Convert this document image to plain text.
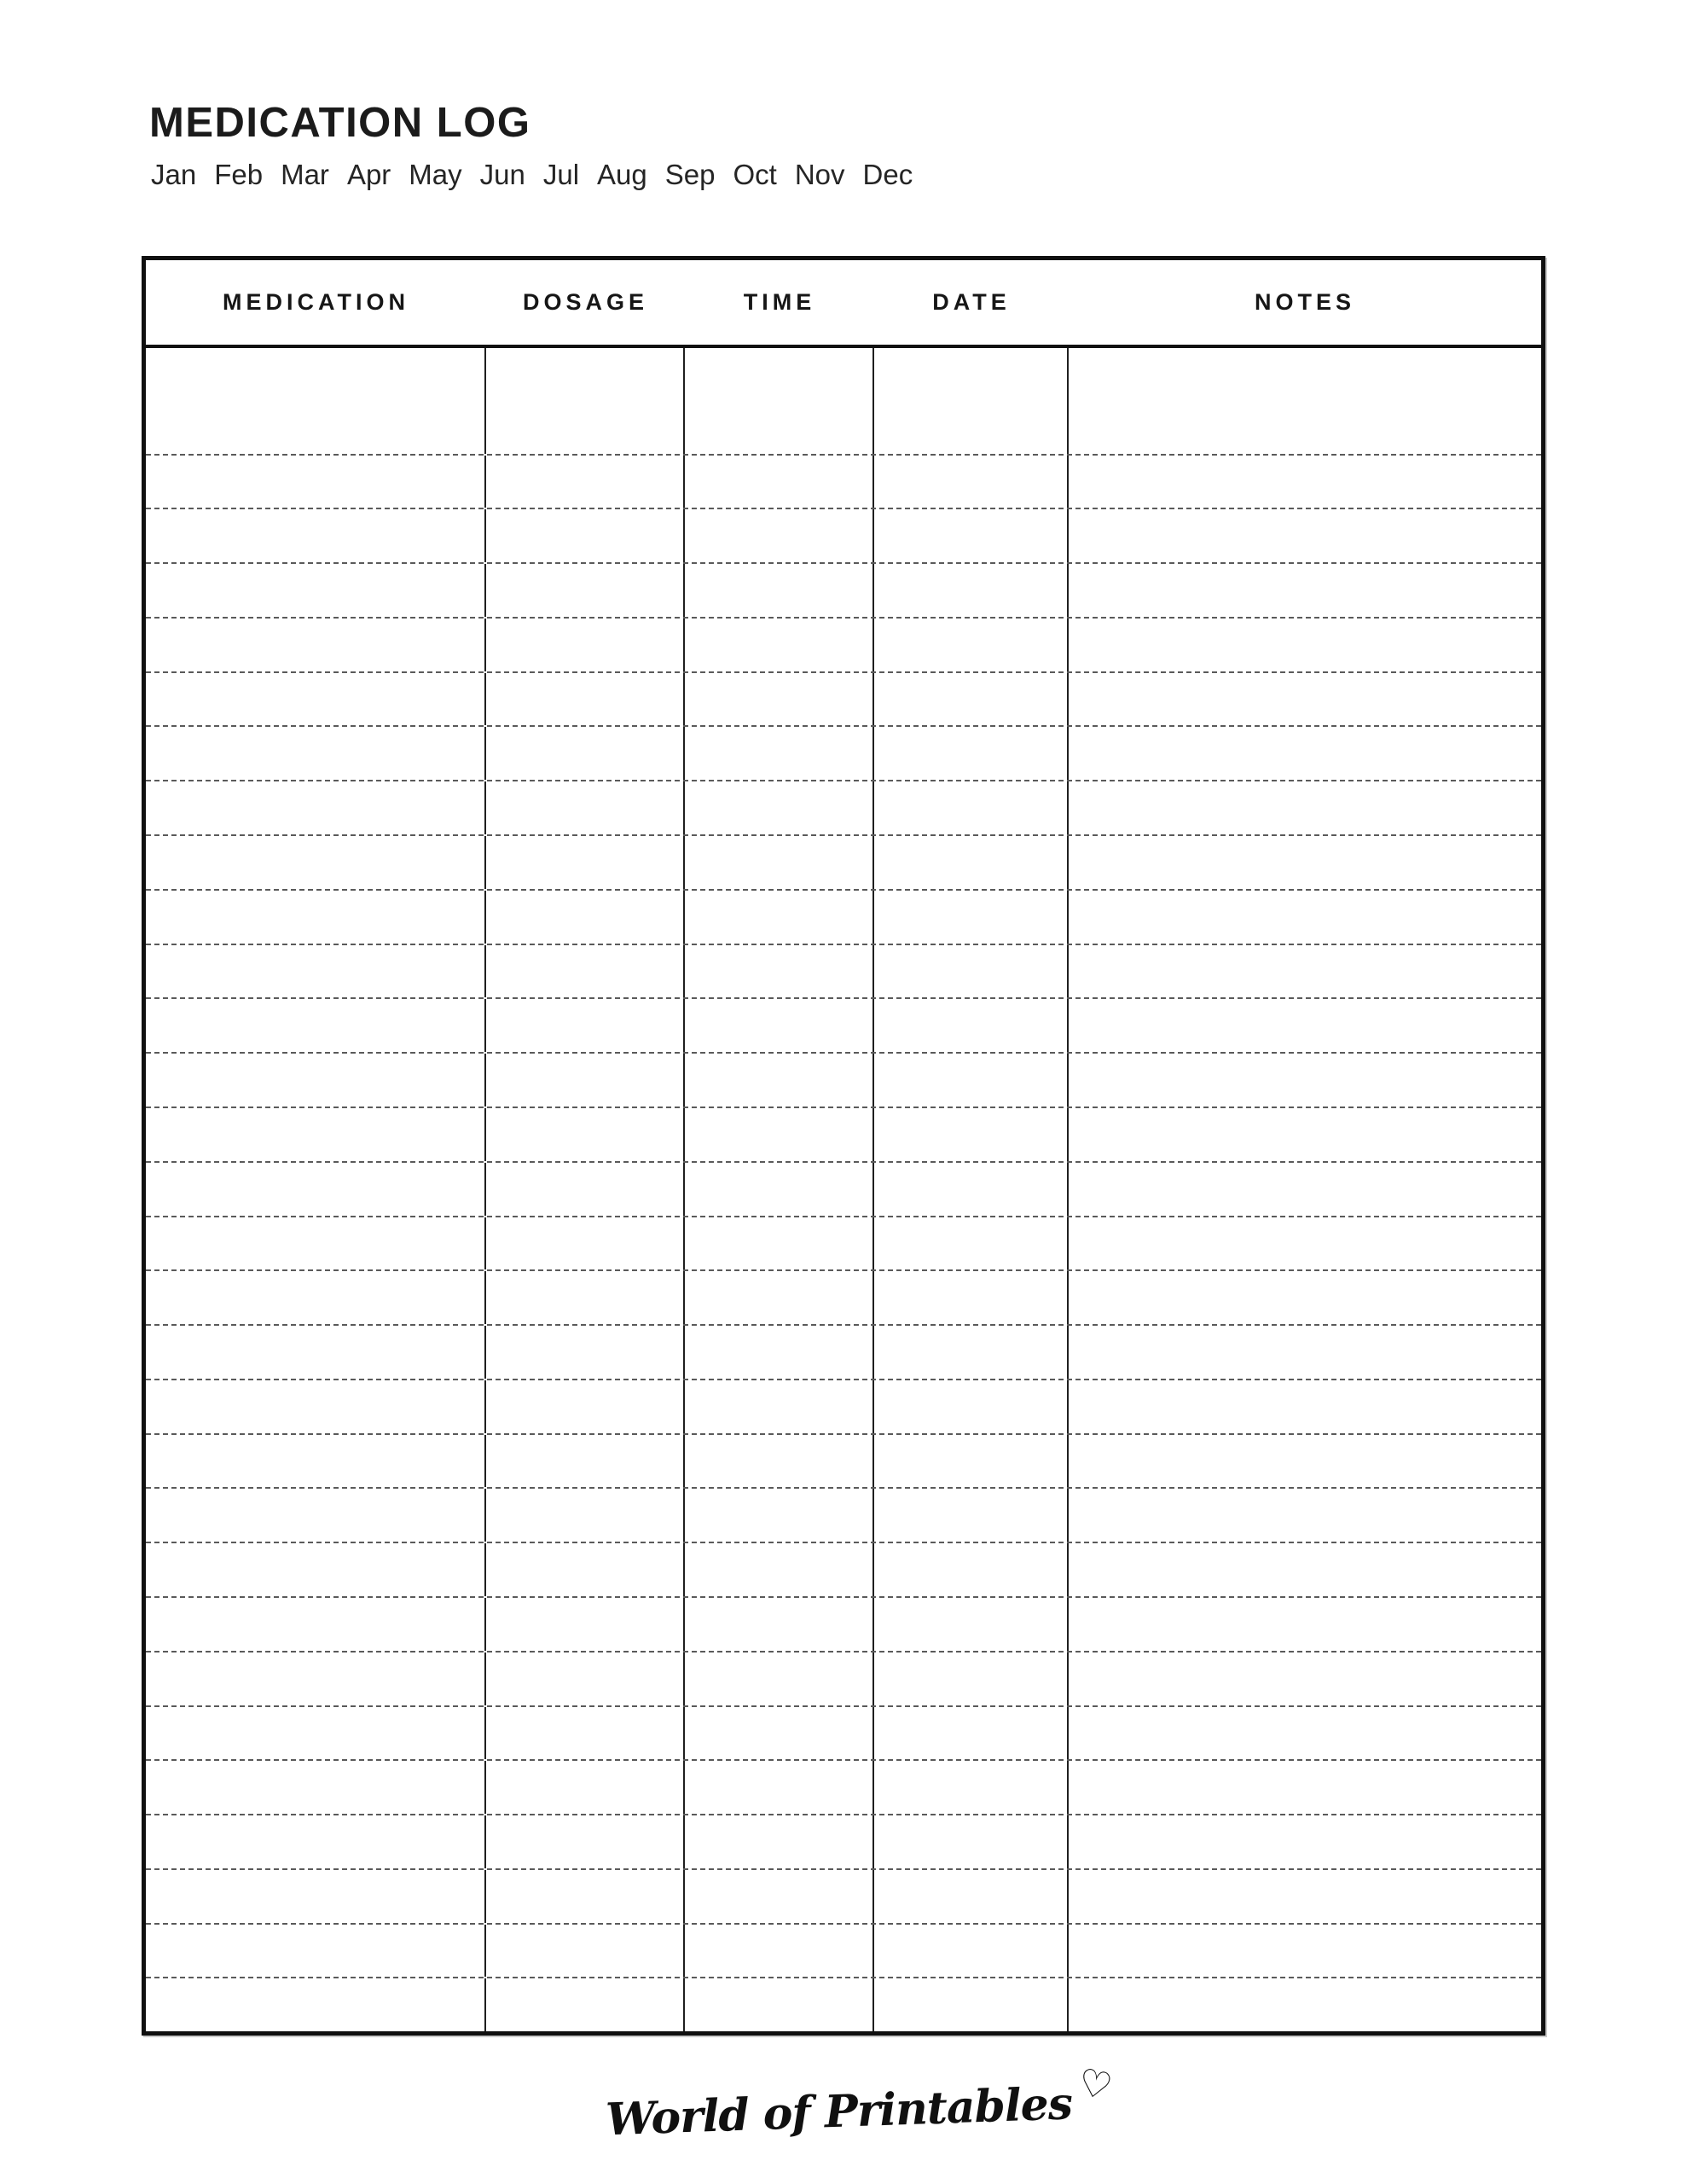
MEDICATION LOG
Jan Feb Mar Apr May Jun Jul Aug Sep Oct Nov Dec
MEDICATION	DOSAGE	TIME	DATE	NOTES
World of Printables♡
